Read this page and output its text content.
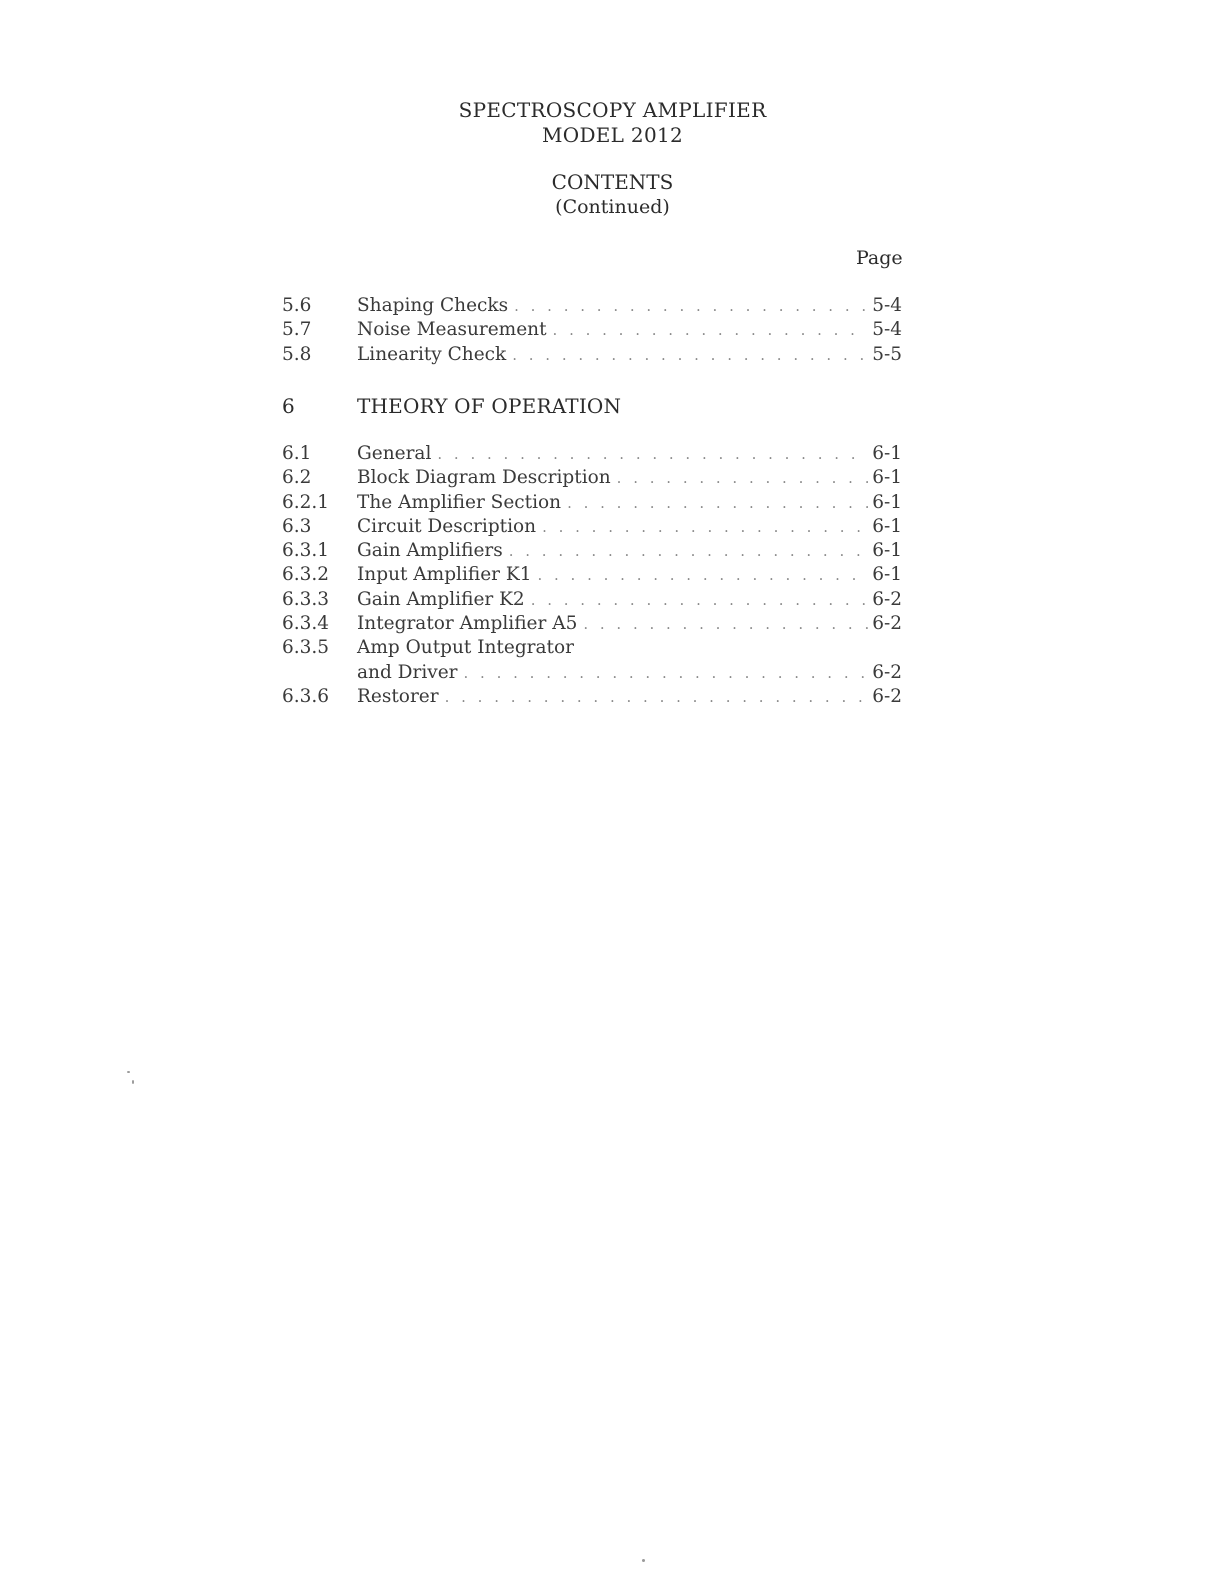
SPECTROSCOPY AMPLIFIER
MODEL 2012
CONTENTS
(Continued)
Page
5.6 Shaping Checks . . .	5-4
5.7 Noise Measurement . . .	5-4
5.8 Linearity Check . . .	5-5
6	THEORY OF OPERATION
6.1 General . . .	6-1
6.2 Block Diagram Description . . .	6-1
6.2.1 The Amplifier Section . . .	6-1
6.3 Circuit Description . . .	6-1
6.3.1 Gain Amplifiers . . .	6-1
6.3.2 Input Amplifier K1 . . .	6-1
6.3.3 Gain Amplifier K2 . . .	6-2
6.3.4 Integrator Amplifier A5 . . .	6-2
6.3.5 Amp Output Integrator
and Driver . . .	6-2
6.3.6 Restorer . . .	6-2
